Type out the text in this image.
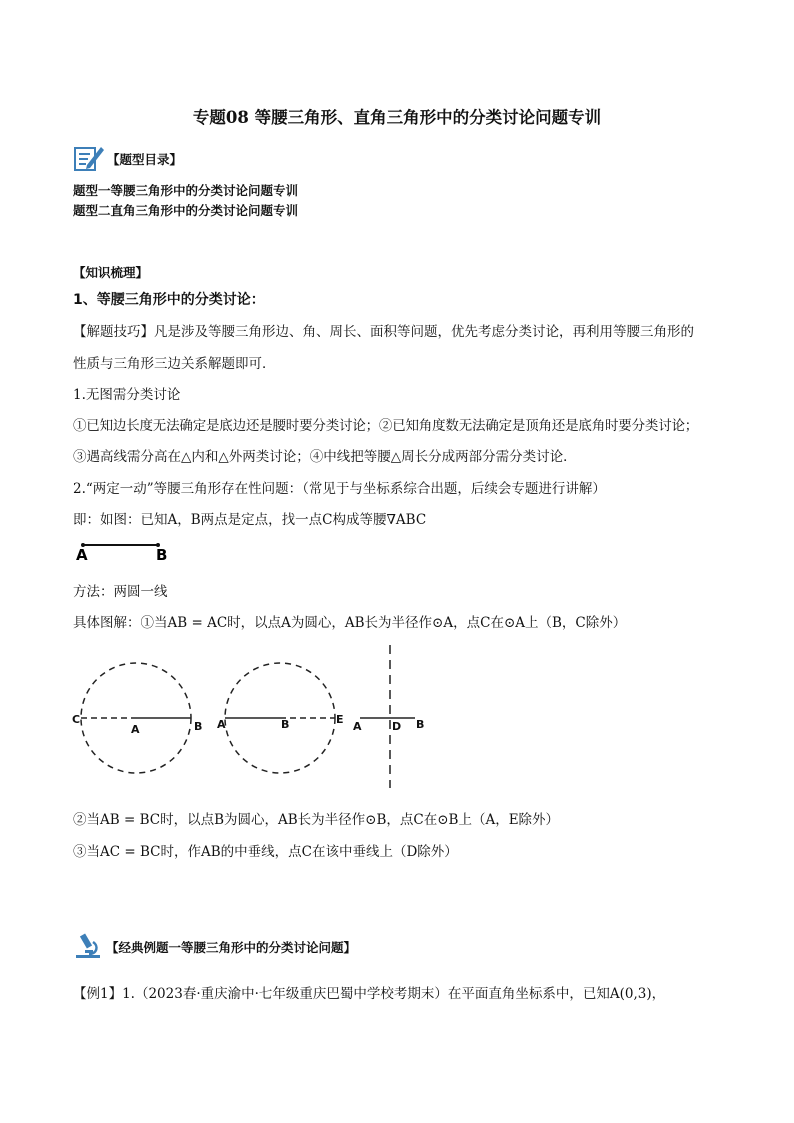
专题08 等腰三角形、直角三角形中的分类讨论问题专训
【题型目录】
题型一等腰三角形中的分类讨论问题专训
题型二直角三角形中的分类讨论问题专训
【知识梳理】
1、等腰三角形中的分类讨论：
【解题技巧】凡是涉及等腰三角形边、角、周长、面积等问题，优先考虑分类讨论，再利用等腰三角形的
性质与三角形三边关系解题即可．
1.无图需分类讨论
①已知边长度无法确定是底边还是腰时要分类讨论；②已知角度数无法确定是顶角还是底角时要分类讨论；
③遇高线需分高在△内和△外两类讨论；④中线把等腰△周长分成两部分需分类讨论．
2.“两定一动”等腰三角形存在性问题：（常见于与坐标系综合出题，后续会专题进行讲解）
即：如图：已知A，B两点是定点，找一点C构成等腰∇ABC
A	B
方法：两圆一线
具体图解：①当AB = AC时，以点A为圆心，AB长为半径作⊙A，点C在⊙A上（B，C除外）
C
A	B A	B	E
A	D B
②当AB = BC时，以点B为圆心，AB长为半径作⊙B，点C在⊙B上（A，E除外）
③当AC = BC时，作AB的中垂线，点C在该中垂线上（D除外）
【经典例题一等腰三角形中的分类讨论问题】
【例1】1.（2023春·重庆渝中·七年级重庆巴蜀中学校考期末）在平面直角坐标系中，已知A(0,3)，
